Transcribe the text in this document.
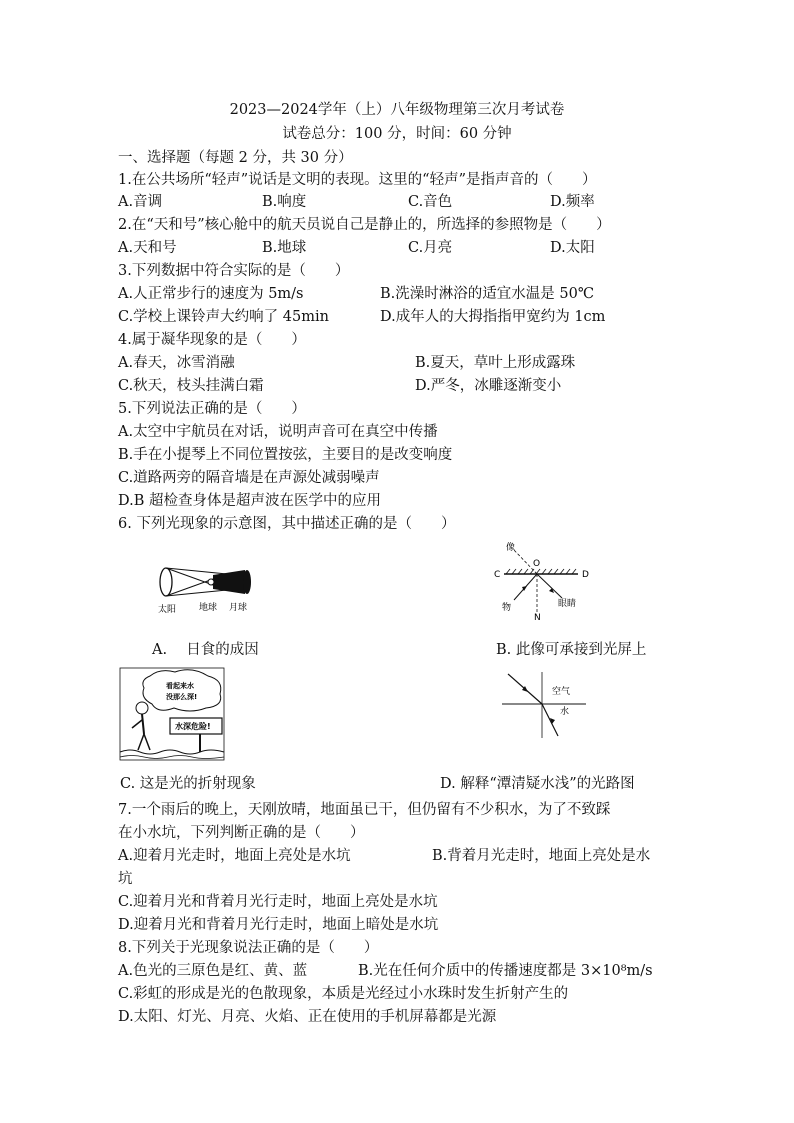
2023—2024学年（上）八年级物理第三次月考试卷
试卷总分：100 分，时间：60 分钟
一、选择题（每题 2 分，共 30 分）
1.在公共场所“轻声”说话是文明的表现。这里的“轻声”是指声音的（　　）
A.音调	B.响度	C.音色	D.频率
2.在“天和号”核心舱中的航天员说自己是静止的，所选择的参照物是（　　）
A.天和号	B.地球	C.月亮	D.太阳
3.下列数据中符合实际的是（　　）
A.人正常步行的速度为 5m/s	B.洗澡时淋浴的适宜水温是 50℃
C.学校上课铃声大约响了 45min	D.成年人的大拇指指甲宽约为 1cm
4.属于凝华现象的是（　　）
A.春天，冰雪消融	B.夏天，草叶上形成露珠
C.秋天，枝头挂满白霜	D.严冬，冰雕逐渐变小
5.下列说法正确的是（　　）
A.太空中宇航员在对话，说明声音可在真空中传播
B.手在小提琴上不同位置按弦，主要目的是改变响度
C.道路两旁的隔音墙是在声源处减弱噪声
D.B 超检查身体是超声波在医学中的应用
6. 下列光现象的示意图，其中描述正确的是（　　）
太阳	地球 月球
像
O
C	D
物
N
眼睛
A.　 日食的成因	B. 此像可承接到光屏上
看起来水
没那么深!
水深危险!
空气
水
C. 这是光的折射现象	D. 解释“潭清疑水浅”的光路图
7.一个雨后的晚上，天刚放晴，地面虽已干，但仍留有不少积水，为了不致踩
在小水坑，下列判断正确的是（　　）
A.迎着月光走时，地面上亮处是水坑	B.背着月光走时，地面上亮处是水
坑
C.迎着月光和背着月光行走时，地面上亮处是水坑
D.迎着月光和背着月光行走时，地面上暗处是水坑
8.下列关于光现象说法正确的是（　　）
A.色光的三原色是红、黄、蓝	B.光在任何介质中的传播速度都是 3×10⁸m/s
C.彩虹的形成是光的色散现象，本质是光经过小水珠时发生折射产生的
D.太阳、灯光、月亮、火焰、正在使用的手机屏幕都是光源
